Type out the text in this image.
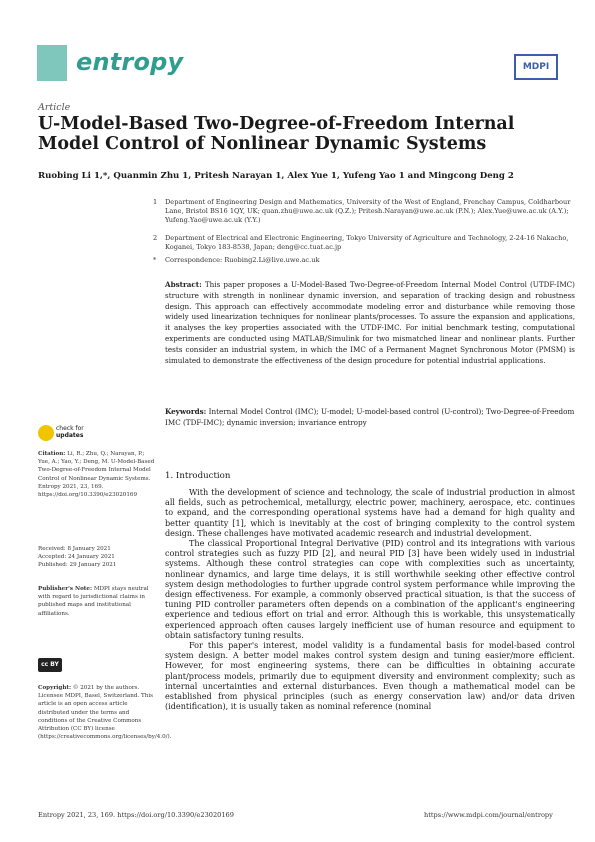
entropy	MDPI
Article
U-Model-Based Two-Degree-of-Freedom Internal Model Control of Nonlinear Dynamic Systems
Ruobing Li 1,*, Quanmin Zhu 1, Pritesh Narayan 1, Alex Yue 1, Yufeng Yao 1 and Mingcong Deng 2
1 Department of Engineering Design and Mathematics, University of the West of England, Frenchay Campus, Coldharbour Lane, Bristol BS16 1QY, UK; quan.zhu@uwe.ac.uk (Q.Z.); Pritesh.Narayan@uwe.ac.uk (P.N.); Alex.Yue@uwe.ac.uk (A.Y.); Yufeng.Yao@uwe.ac.uk (Y.Y.)
2 Department of Electrical and Electronic Engineering, Tokyo University of Agriculture and Technology, 2-24-16 Nakacho, Koganei, Tokyo 183-8538, Japan; deng@cc.tuat.ac.jp
* Correspondence: Ruobing2.Li@live.uwe.ac.uk
Abstract: This paper proposes a U-Model-Based Two-Degree-of-Freedom Internal Model Control (UTDF-IMC) structure with strength in nonlinear dynamic inversion, and separation of tracking design and robustness design. This approach can effectively accommodate modeling error and disturbance while removing those widely used linearization techniques for nonlinear plants/processes. To assure the expansion and applications, it analyses the key properties associated with the UTDF-IMC. For initial benchmark testing, computational experiments are conducted using MATLAB/Simulink for two mismatched linear and nonlinear plants. Further tests consider an industrial system, in which the IMC of a Permanent Magnet Synchronous Motor (PMSM) is simulated to demonstrate the effectiveness of the design procedure for potential industrial applications.
Keywords: Internal Model Control (IMC); U-model; U-model-based control (U-control); Two-Degree-of-Freedom IMC (TDF-IMC); dynamic inversion; invariance entropy
check for
updates
Citation: Li, R.; Zhu, Q.; Narayan, P.; Yue, A.; Yao, Y.; Deng, M. U-Model-Based Two-Degree-of-Freedom Internal Model Control of Nonlinear Dynamic Systems. Entropy 2021, 23, 169. https://doi.org/10.3390/e23020169
Received: 8 January 2021
Accepted: 24 January 2021
Published: 29 January 2021
Publisher's Note: MDPI stays neutral with regard to jurisdictional claims in published maps and institutional affiliations.
cc BY
Copyright: © 2021 by the authors. Licensee MDPI, Basel, Switzerland. This article is an open access article distributed under the terms and conditions of the Creative Commons Attribution (CC BY) license (https://creativecommons.org/licenses/by/4.0/).
1. Introduction

With the development of science and technology, the scale of industrial production in almost all fields, such as petrochemical, metallurgy, electric power, machinery, aerospace, etc. continues to expand, and the corresponding operational systems have had a demand for high quality and better quantity [1], which is inevitably at the cost of bringing complexity to the control system design. These challenges have motivated academic research and industrial development.

The classical Proportional Integral Derivative (PID) control and its integrations with various control strategies such as fuzzy PID [2], and neural PID [3] have been widely used in industrial systems. Although these control strategies can cope with complexities such as uncertainty, nonlinear dynamics, and large time delays, it is still worthwhile seeking other effective control system design methodologies to further upgrade control system performance while improving the design effectiveness. For example, a commonly observed practical situation, is that the success of tuning PID controller parameters often depends on a combination of the applicant's engineering experience and tedious effort on trial and error. Although this is workable, this unsystematically experienced approach often causes largely inefficient use of human resource and equipment to obtain satisfactory tuning results.

For this paper's interest, model validity is a fundamental basis for model-based control system design. A better model makes control system design and tuning easier/more efficient. However, for most engineering systems, there can be difficulties in obtaining accurate plant/process models, primarily due to equipment diversity and environment complexity; such as internal uncertainties and external disturbances. Even though a mathematical model can be established from physical principles (such as energy conservation law) and/or data driven (identification), it is usually taken as nominal reference (nominal

Entropy 2021, 23, 169. https://doi.org/10.3390/e23020169	https://www.mdpi.com/journal/entropy
